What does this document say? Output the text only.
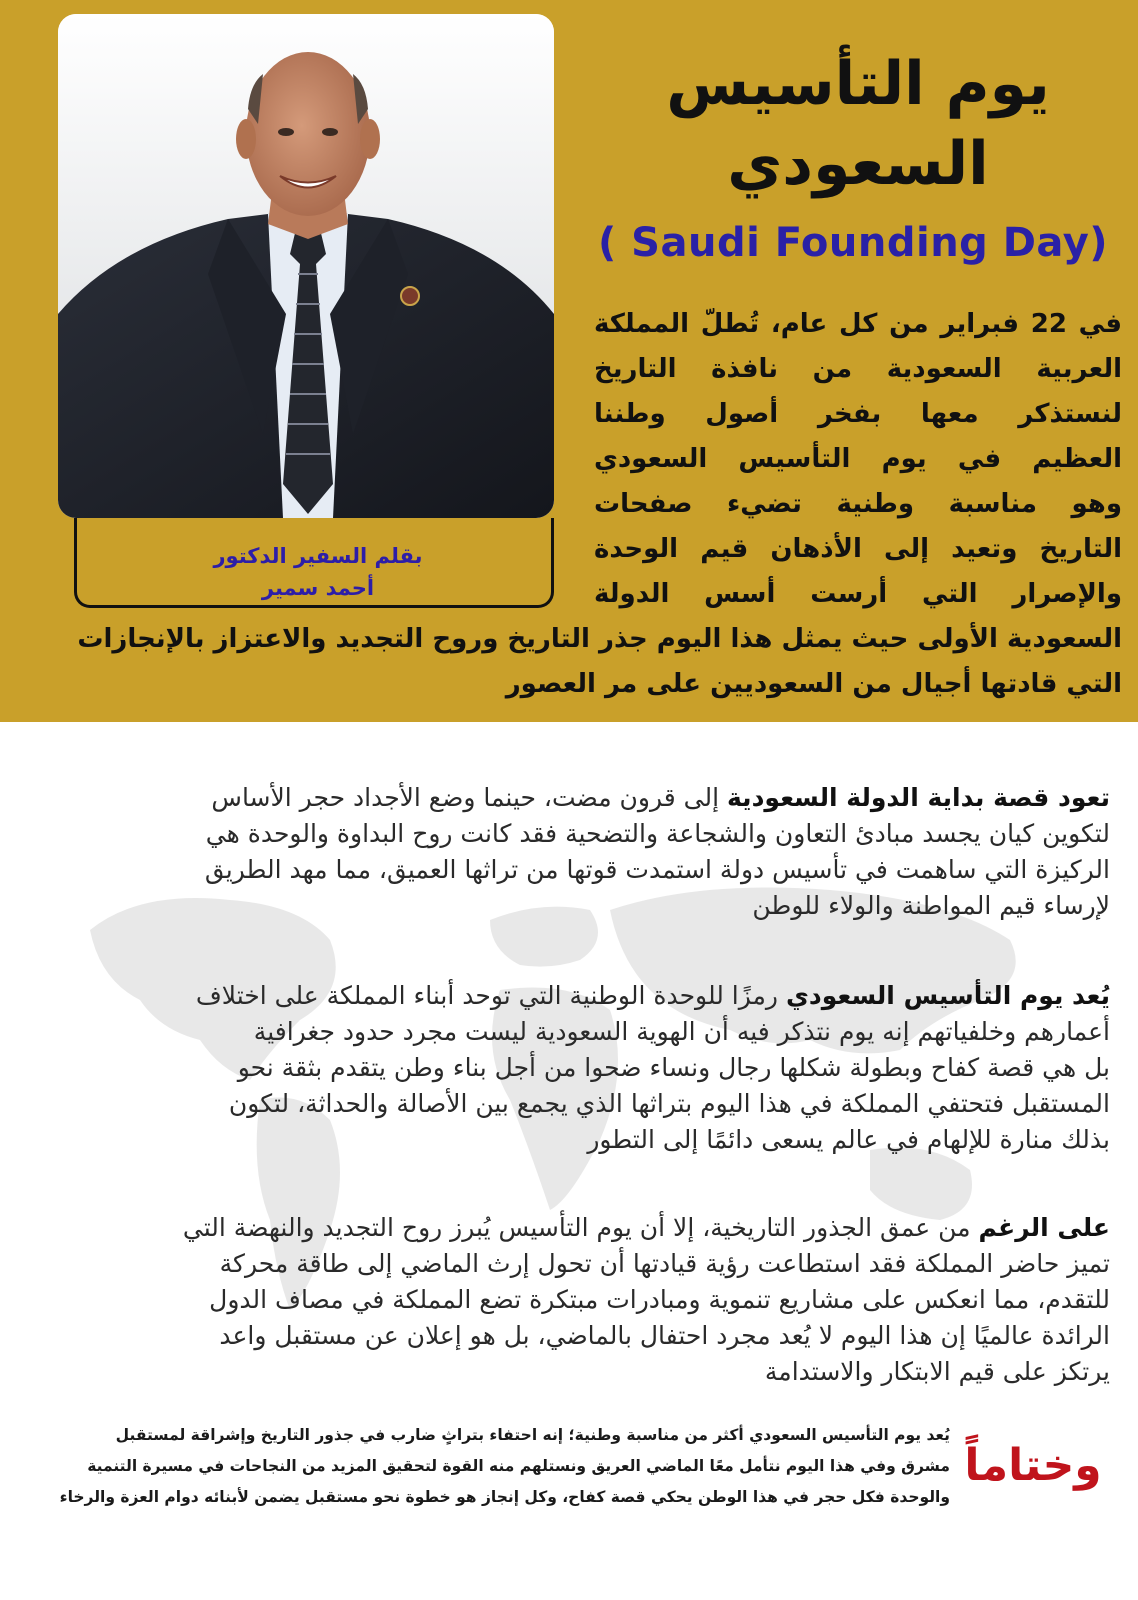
بقلم السفير الدكتور
أحمد سمير
يوم التأسيس
السعودي
( Saudi Founding Day)
في 22 فبراير من كل عام، تُطلّ المملكة
العربية السعودية من نافذة التاريخ
لنستذكر معها بفخر أصول وطننا
العظيم في يوم التأسيس السعودي
وهو مناسبة وطنية تضيء صفحات
التاريخ وتعيد إلى الأذهان قيم الوحدة
والإصرار التي أرست أسس الدولة
السعودية الأولى حيث يمثل هذا اليوم جذر التاريخ وروح التجديد والاعتزاز بالإنجازات
التي قادتها أجيال من السعوديين على مر العصور
تعود قصة بداية الدولة السعودية إلى قرون مضت، حينما وضع الأجداد حجر الأساس
لتكوين كيان يجسد مبادئ التعاون والشجاعة والتضحية فقد كانت روح البداوة والوحدة هي
الركيزة التي ساهمت في تأسيس دولة استمدت قوتها من تراثها العميق، مما مهد الطريق
لإرساء قيم المواطنة والولاء للوطن
يُعد يوم التأسيس السعودي رمزًا للوحدة الوطنية التي توحد أبناء المملكة على اختلاف
أعمارهم وخلفياتهم إنه يوم نتذكر فيه أن الهوية السعودية ليست مجرد حدود جغرافية
بل هي قصة كفاح وبطولة شكلها رجال ونساء ضحوا من أجل بناء وطن يتقدم بثقة نحو
المستقبل فتحتفي المملكة في هذا اليوم بتراثها الذي يجمع بين الأصالة والحداثة، لتكون
بذلك منارة للإلهام في عالم يسعى دائمًا إلى التطور
على الرغم من عمق الجذور التاريخية، إلا أن يوم التأسيس يُبرز روح التجديد والنهضة التي
تميز حاضر المملكة فقد استطاعت رؤية قيادتها أن تحول إرث الماضي إلى طاقة محركة
للتقدم، مما انعكس على مشاريع تنموية ومبادرات مبتكرة تضع المملكة في مصاف الدول
الرائدة عالميًا إن هذا اليوم لا يُعد مجرد احتفال بالماضي، بل هو إعلان عن مستقبل واعد
يرتكز على قيم الابتكار والاستدامة
وختاماً
يُعد يوم التأسيس السعودي أكثر من مناسبة وطنية؛ إنه احتفاء بتراثٍ ضارب في جذور التاريخ وإشراقة لمستقبل
مشرق وفي هذا اليوم نتأمل معًا الماضي العريق ونستلهم منه القوة لتحقيق المزيد من النجاحات في مسيرة التنمية
والوحدة فكل حجر في هذا الوطن يحكي قصة كفاح، وكل إنجاز هو خطوة نحو مستقبل يضمن لأبنائه دوام العزة والرخاء
